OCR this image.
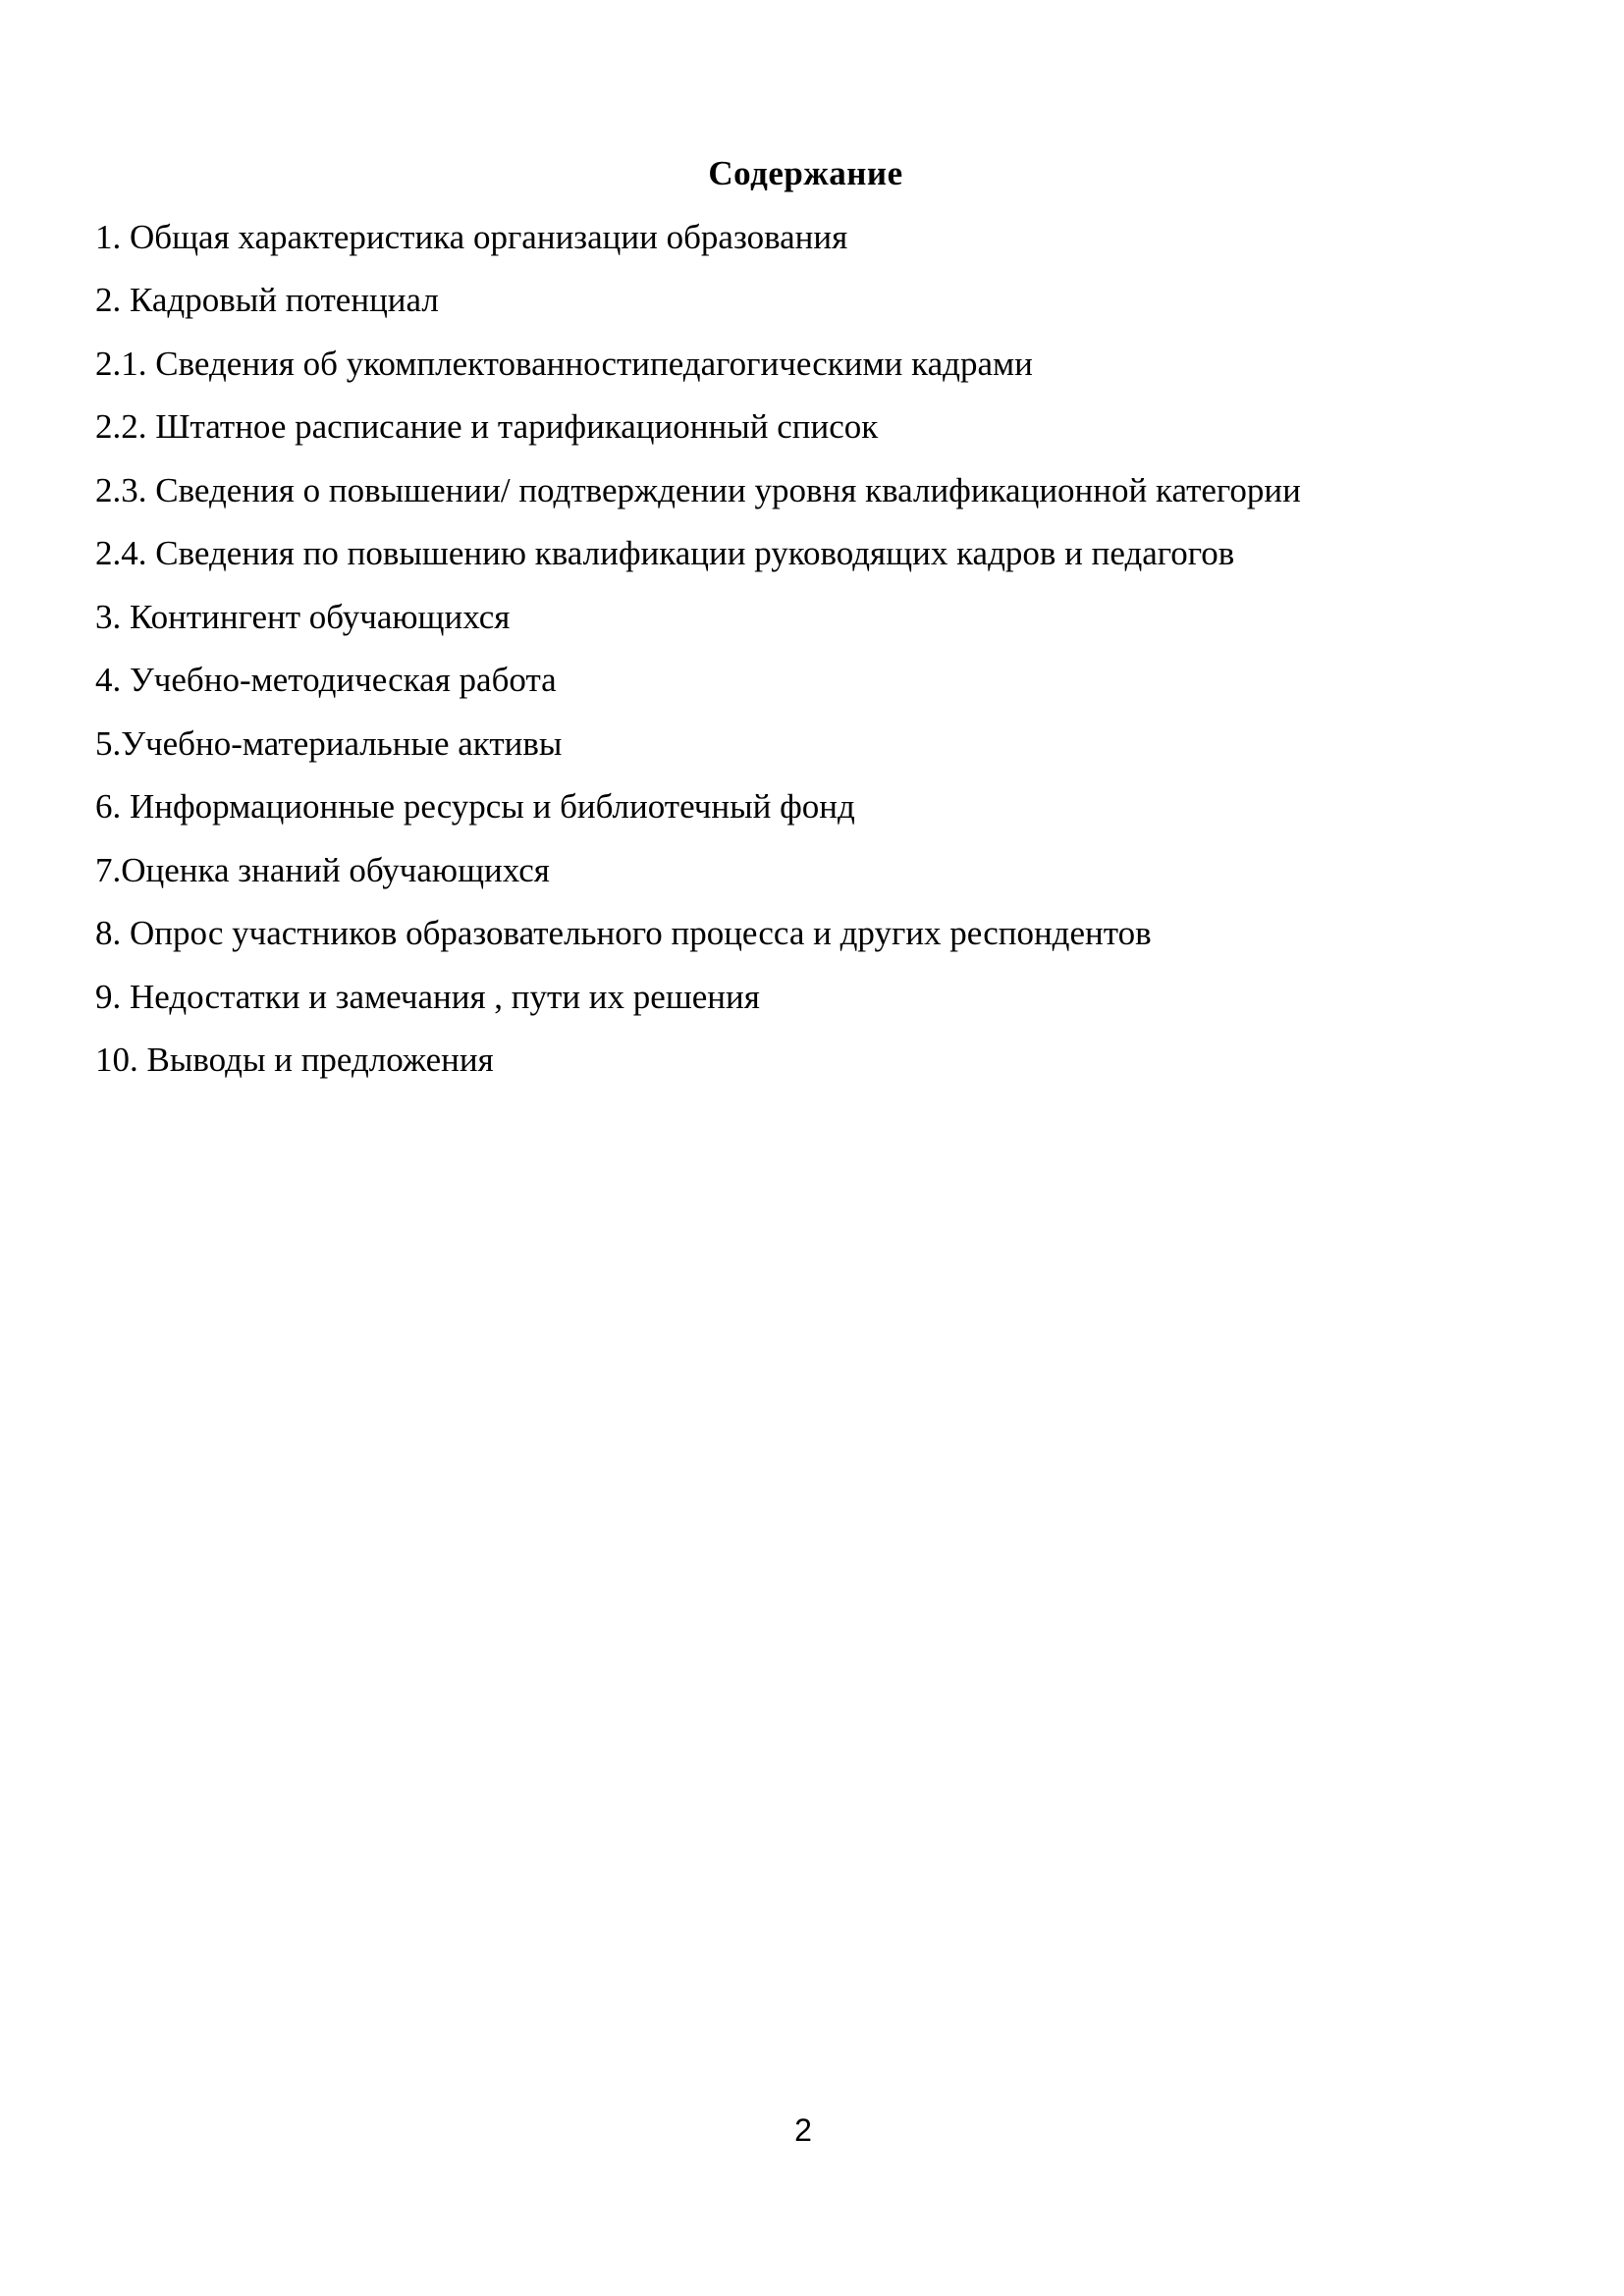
Содержание

1. Общая характеристика организации образования

2. Кадровый потенциал

2.1. Сведения об укомплектованностипедагогическими кадрами

2.2. Штатное расписание и тарификационный список

2.3. Сведения о повышении/ подтверждении уровня квалификационной категории

2.4. Сведения по повышению квалификации руководящих кадров и педагогов

3. Контингент обучающихся

4. Учебно-методическая работа

5.Учебно-материальные активы

6. Информационные ресурсы и библиотечный фонд

7.Оценка знаний обучающихся

8. Опрос участников образовательного процесса и других респондентов

9. Недостатки и замечания , пути их решения

10. Выводы и предложения

2
